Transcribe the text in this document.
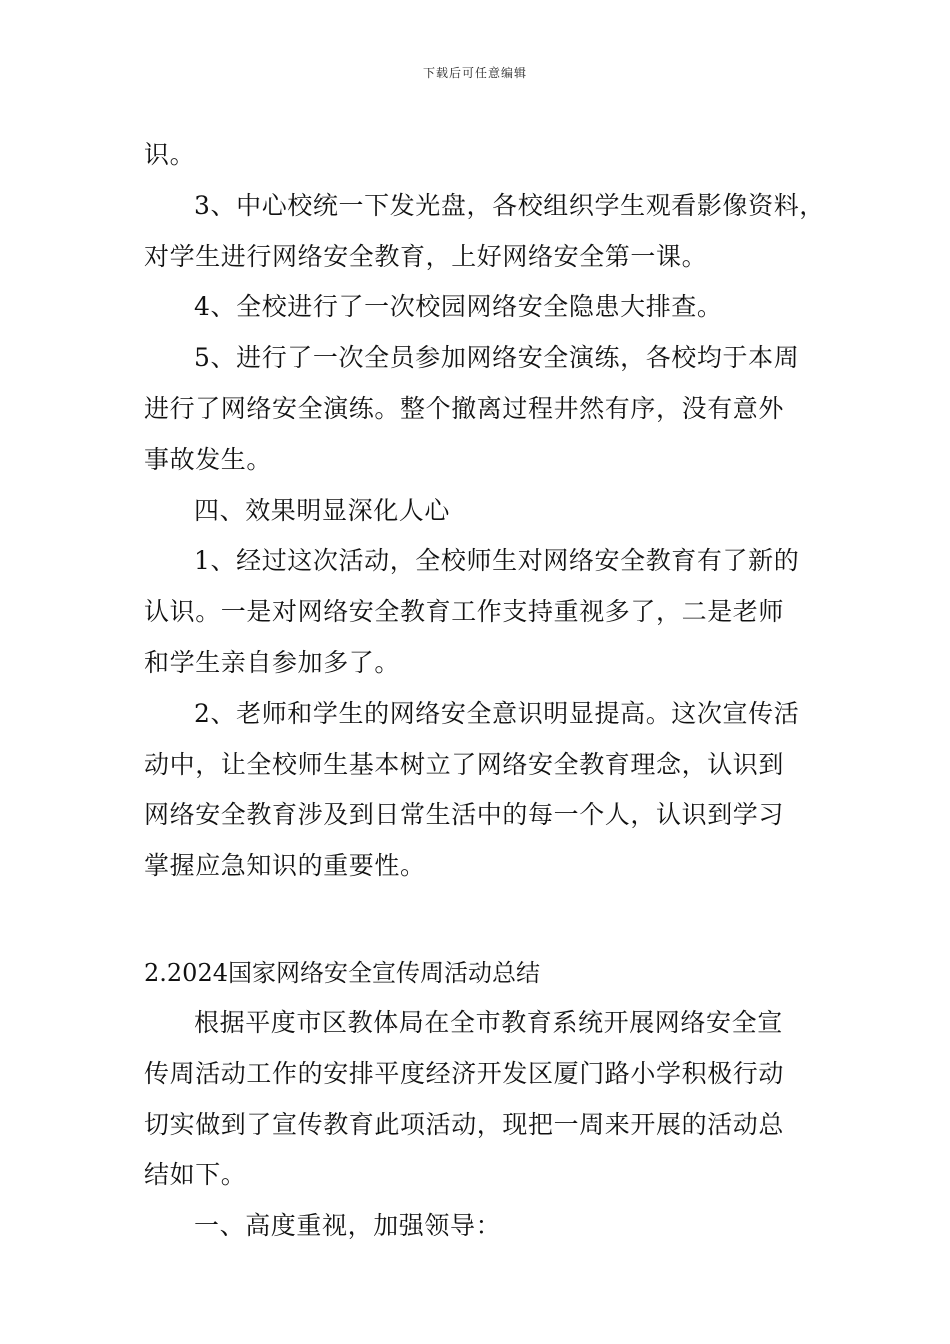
下载后可任意编辑
识。
3、中心校统一下发光盘，各校组织学生观看影像资料，
对学生进行网络安全教育，上好网络安全第一课。
4、全校进行了一次校园网络安全隐患大排查。
5、进行了一次全员参加网络安全演练，各校均于本周
进行了网络安全演练。整个撤离过程井然有序，没有意外
事故发生。
四、效果明显深化人心
1、经过这次活动，全校师生对网络安全教育有了新的
认识。一是对网络安全教育工作支持重视多了，二是老师
和学生亲自参加多了。
2、老师和学生的网络安全意识明显提高。这次宣传活
动中，让全校师生基本树立了网络安全教育理念，认识到
网络安全教育涉及到日常生活中的每一个人，认识到学习
掌握应急知识的重要性。
2.2024国家网络安全宣传周活动总结
根据平度市区教体局在全市教育系统开展网络安全宣
传周活动工作的安排平度经济开发区厦门路小学积极行动
切实做到了宣传教育此项活动，现把一周来开展的活动总
结如下。
一、高度重视，加强领导：
